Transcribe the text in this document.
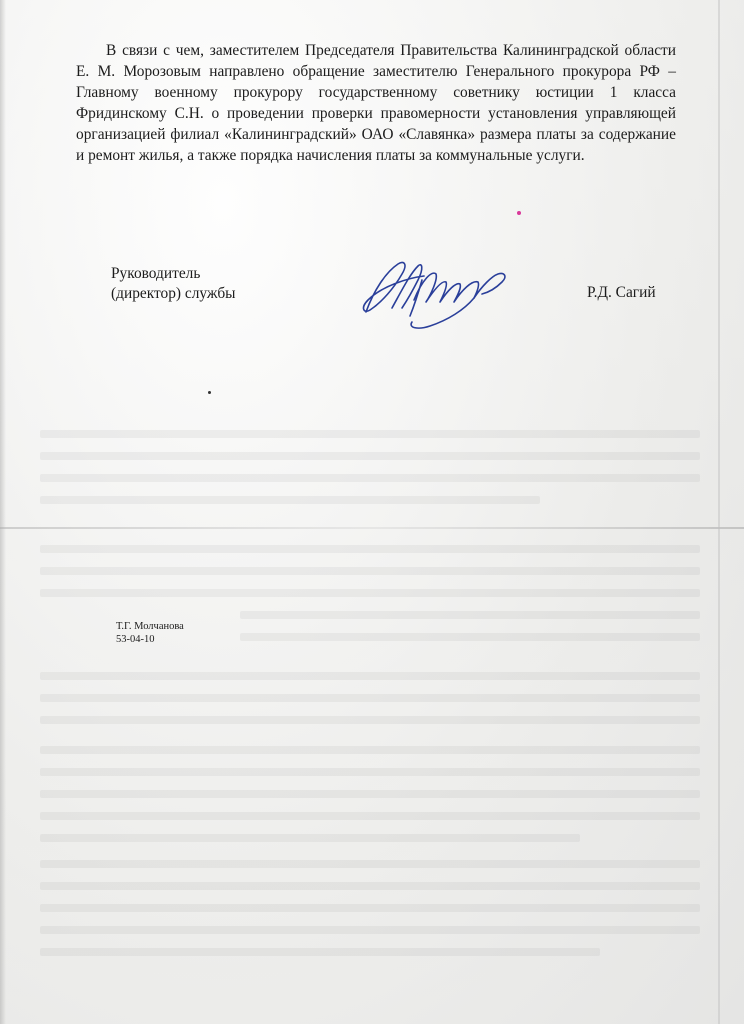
В связи с чем, заместителем Председателя Правительства Калининградской области Е. М. Морозовым направлено обращение заместителю Генерального прокурора РФ – Главному военному прокурору государственному советнику юстиции 1 класса Фридинскому С.Н. о проведении проверки правомерности установления управляющей организацией филиал «Калининградский» ОАО «Славянка» размера платы за содержание и ремонт жилья, а также порядка начисления платы за коммунальные услуги.

Руководитель
(директор) службы	Р.Д. Сагий

Т.Г. Молчанова
53-04-10
